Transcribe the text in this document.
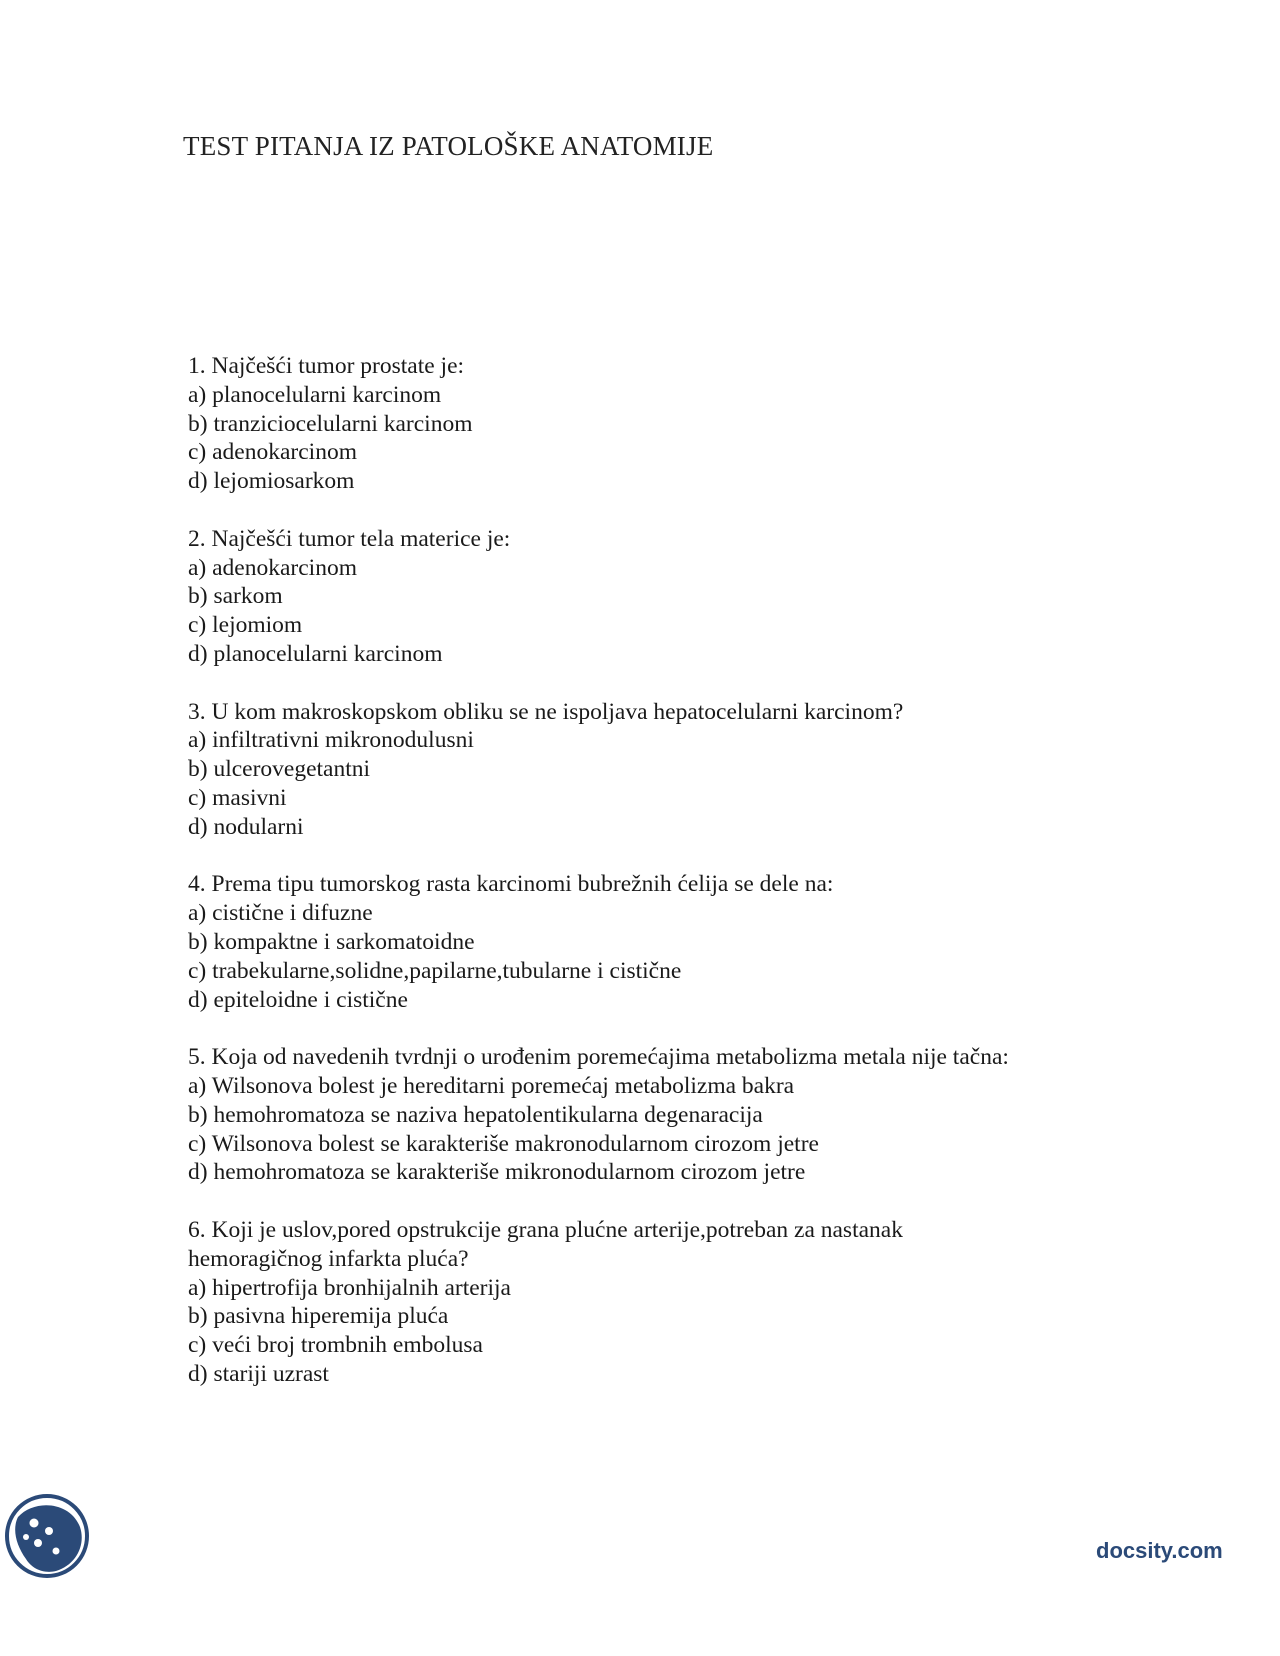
TEST PITANJA IZ PATOLOŠKE ANATOMIJE
1. Najčešći tumor prostate je:
a) planocelularni karcinom
b) tranziciocelularni karcinom
c) adenokarcinom
d) lejomiosarkom
2. Najčešći tumor tela materice je:
a) adenokarcinom
b) sarkom
c) lejomiom
d) planocelularni karcinom
3. U kom makroskopskom obliku se ne ispoljava hepatocelularni karcinom?
a) infiltrativni mikronodulusni
b) ulcerovegetantni
c) masivni
d) nodularni
4. Prema tipu tumorskog rasta karcinomi bubrežnih ćelija se dele na:
a) cistične i difuzne
b) kompaktne i sarkomatoidne
c) trabekularne,solidne,papilarne,tubularne i cistične
d) epiteloidne i cistične
5. Koja od navedenih tvrdnji o urođenim poremećajima metabolizma metala nije tačna:
a) Wilsonova bolest je hereditarni poremećaj metabolizma bakra
b) hemohromatoza se naziva hepatolentikularna degenaracija
c) Wilsonova bolest se karakteriše makronodularnom cirozom jetre
d) hemohromatoza se karakteriše mikronodularnom cirozom jetre
6. Koji je uslov,pored opstrukcije grana plućne arterije,potreban za nastanak hemoragičnog infarkta pluća?
a) hipertrofija bronhijalnih arterija
b) pasivna hiperemija pluća
c) veći broj trombnih embolusa
d) stariji uzrast
docsity.com
